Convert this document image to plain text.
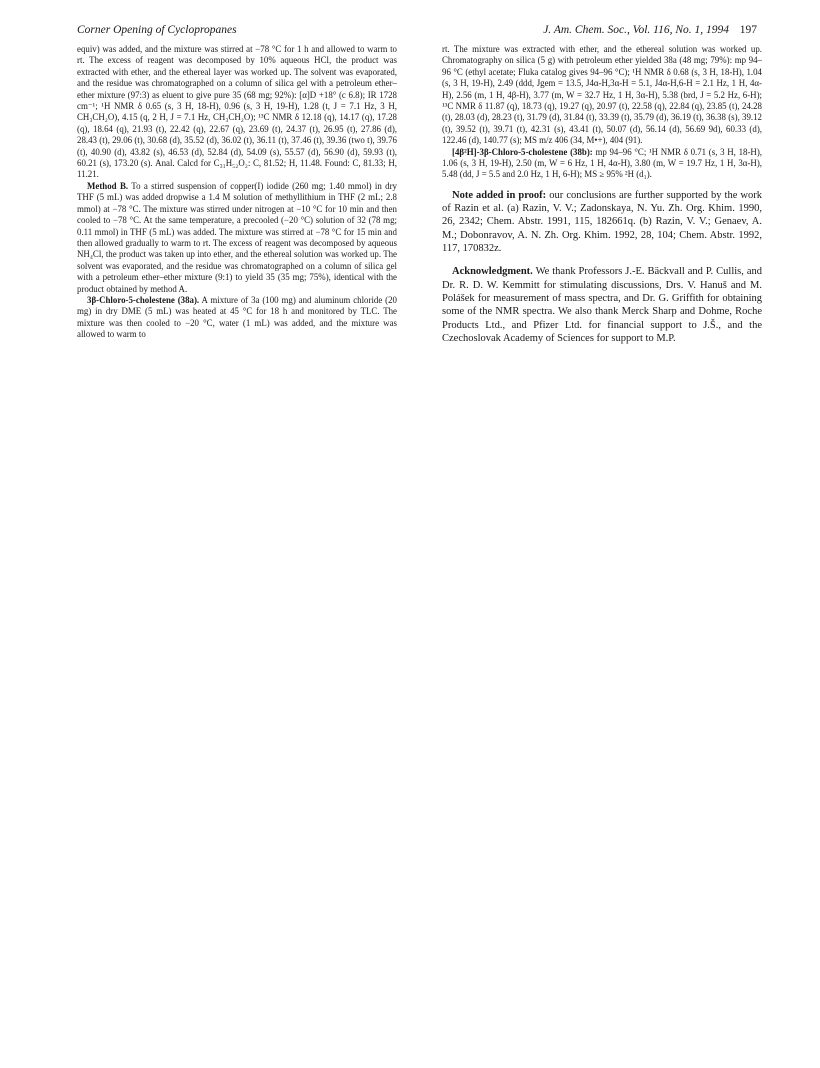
Corner Opening of Cyclopropanes	J. Am. Chem. Soc., Vol. 116, No. 1, 1994 197

equiv) was added, and the mixture was stirred at −78 °C for 1 h and allowed to warm to rt. The excess of reagent was decomposed by 10% aqueous HCl, the product was extracted with ether, and the ethereal layer was worked up. The solvent was evaporated, and the residue was chromatographed on a column of silica gel with a petroleum ether–ether mixture (97:3) as eluent to give pure 35 (68 mg; 92%): [α]D +18° (c 6.8); IR 1728 cm⁻¹; ¹H NMR δ 0.65 (s, 3 H, 18-H), 0.96 (s, 3 H, 19-H), 1.28 (t, J = 7.1 Hz, 3 H, CH₃CH₂O), 4.15 (q, 2 H, J = 7.1 Hz, CH₃CH₂O); ¹³C NMR δ 12.18 (q), 14.17 (q), 17.28 (q), 18.64 (q), 21.93 (t), 22.42 (q), 22.67 (q), 23.69 (t), 24.37 (t), 26.95 (t), 27.86 (d), 28.43 (t), 29.06 (t), 30.68 (d), 35.52 (d), 36.02 (t), 36.11 (t), 37.46 (t), 39.36 (two t), 39.76 (t), 40.90 (d), 43.82 (s), 46.53 (d), 52.84 (d), 54.09 (s), 55.57 (d), 56.90 (d), 59.93 (t), 60.21 (s), 173.20 (s). Anal. Calcd for C₃₁H₅₂O₂: C, 81.52; H, 11.48. Found: C, 81.33; H, 11.21.

Method B. To a stirred suspension of copper(I) iodide (260 mg; 1.40 mmol) in dry THF (5 mL) was added dropwise a 1.4 M solution of methyllithium in THF (2 mL; 2.8 mmol) at −78 °C. The mixture was stirred under nitrogen at −10 °C for 10 min and then cooled to −78 °C. At the same temperature, a precooled (−20 °C) solution of 32 (78 mg; 0.11 mmol) in THF (5 mL) was added. The mixture was stirred at −78 °C for 15 min and then allowed gradually to warm to rt. The excess of reagent was decomposed by aqueous NH₄Cl, the product was taken up into ether, and the ethereal solution was worked up. The solvent was evaporated, and the residue was chromatographed on a column of silica gel with a petroleum ether–ether mixture (9:1) to yield 35 (35 mg; 75%), identical with the product obtained by method A.

3β-Chloro-5-cholestene (38a). A mixture of 3a (100 mg) and aluminum chloride (20 mg) in dry DME (5 mL) was heated at 45 °C for 18 h and monitored by TLC. The mixture was then cooled to −20 °C, water (1 mL) was added, and the mixture was allowed to warm to

rt. The mixture was extracted with ether, and the ethereal solution was worked up. Chromatography on silica (5 g) with petroleum ether yielded 38a (48 mg; 79%): mp 94–96 °C (ethyl acetate; Fluka catalog gives 94–96 °C); ¹H NMR δ 0.68 (s, 3 H, 18-H), 1.04 (s, 3 H, 19-H), 2.49 (ddd, Jgem = 13.5, J4α-H,3α-H = 5.1, J4α-H,6-H = 2.1 Hz, 1 H, 4α-H), 2.56 (m, 1 H, 4β-H), 3.77 (m, W = 32.7 Hz, 1 H, 3α-H), 5.38 (brd, J = 5.2 Hz, 6-H); ¹³C NMR δ 11.87 (q), 18.73 (q), 19.27 (q), 20.97 (t), 22.58 (q), 22.84 (q), 23.85 (t), 24.28 (t), 28.03 (d), 28.23 (t), 31.79 (d), 31.84 (t), 33.39 (t), 35.79 (d), 36.19 (t), 36.38 (s), 39.12 (t), 39.52 (t), 39.71 (t), 42.31 (s), 43.41 (t), 50.07 (d), 56.14 (d), 56.69 9d), 60.33 (d), 122.46 (d), 140.77 (s); MS m/z 406 (34, M•+), 404 (91).

[4β²H]-3β-Chloro-5-cholestene (38b): mp 94–96 °C; ¹H NMR δ 0.71 (s, 3 H, 18-H), 1.06 (s, 3 H, 19-H), 2.50 (m, W = 6 Hz, 1 H, 4α-H), 3.80 (m, W = 19.7 Hz, 1 H, 3α-H), 5.48 (dd, J = 5.5 and 2.0 Hz, 1 H, 6-H); MS ≥ 95% ²H (d₁).

Note added in proof: our conclusions are further supported by the work of Razin et al. (a) Razin, V. V.; Zadonskaya, N. Yu. Zh. Org. Khim. 1990, 26, 2342; Chem. Abstr. 1991, 115, 182661q. (b) Razin, V. V.; Genaev, A. M.; Dobonravov, A. N. Zh. Org. Khim. 1992, 28, 104; Chem. Abstr. 1992, 117, 170832z.

Acknowledgment. We thank Professors J.-E. Bäckvall and P. Cullis, and Dr. R. D. W. Kemmitt for stimulating discussions, Drs. V. Hanuš and M. Polášek for measurement of mass spectra, and Dr. G. Griffith for obtaining some of the NMR spectra. We also thank Merck Sharp and Dohme, Roche Products Ltd., and Pfizer Ltd. for financial support to J.Š., and the Czechoslovak Academy of Sciences for support to M.P.
